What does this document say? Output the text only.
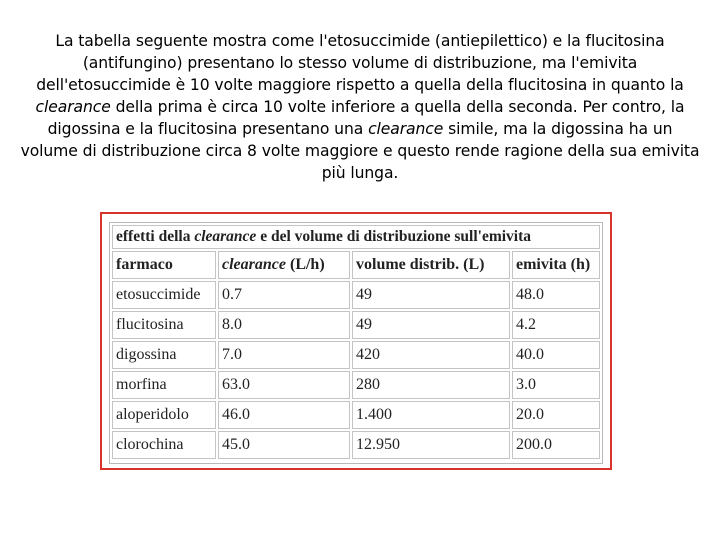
La tabella seguente mostra come l'etosuccimide (antiepilettico) e la flucitosina (antifungino) presentano lo stesso volume di distribuzione, ma l'emivita dell'etosuccimide è 10 volte maggiore rispetto a quella della flucitosina in quanto la clearance della prima è circa 10 volte inferiore a quella della seconda. Per contro, la digossina e la flucitosina presentano una clearance simile, ma la digossina ha un volume di distribuzione circa 8 volte maggiore e questo rende ragione della sua emivita più lunga.
effetti della clearance e del volume di distribuzione sull'emivita			
farmaco	clearance (L/h)	volume distrib. (L)	emivita (h)
etosuccimide	0.7	49	48.0
flucitosina	8.0	49	4.2
digossina	7.0	420	40.0
morfina	63.0	280	3.0
aloperidolo	46.0	1.400	20.0
clorochina	45.0	12.950	200.0
